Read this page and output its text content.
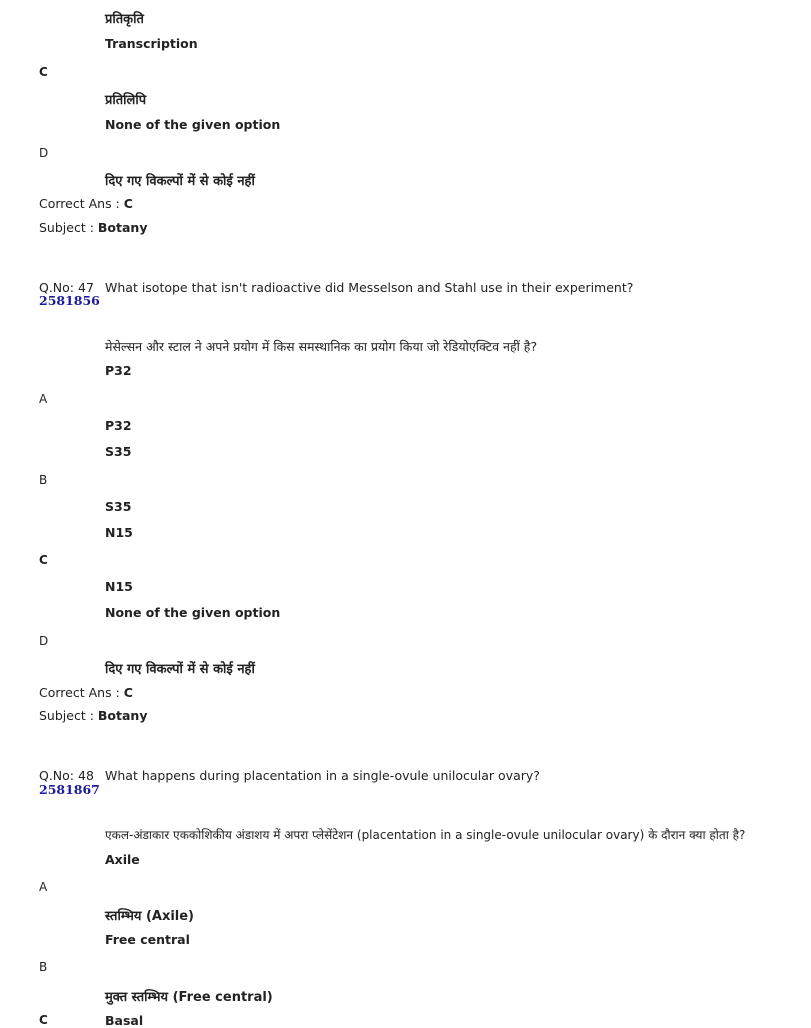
प्रतिकृति
Transcription
C
प्रतिलिपि
None of the given option
D
दिए गए विकल्पों में से कोई नहीं
Correct Ans : C
Subject : Botany
Q.No: 47 What isotope that isn't radioactive did Messelson and Stahl use in their experiment?
2581856
मेसेल्सन और स्टाल ने अपने प्रयोग में किस समस्थानिक का प्रयोग किया जो रेडियोएक्टिव नहीं है?
P32
A
P32
S35
B
S35
N15
C
N15
None of the given option
D
दिए गए विकल्पों में से कोई नहीं
Correct Ans : C
Subject : Botany
Q.No: 48 What happens during placentation in a single-ovule unilocular ovary?
2581867
एकल-अंडाकार एककोशिकीय अंडाशय में अपरा प्लेसेंटेशन (placentation in a single-ovule unilocular ovary) के दौरान क्या होता है?
Axile
A
स्तम्भिय (Axile)
Free central
B
मुक्त स्तम्भिय (Free central)
C	Basal
